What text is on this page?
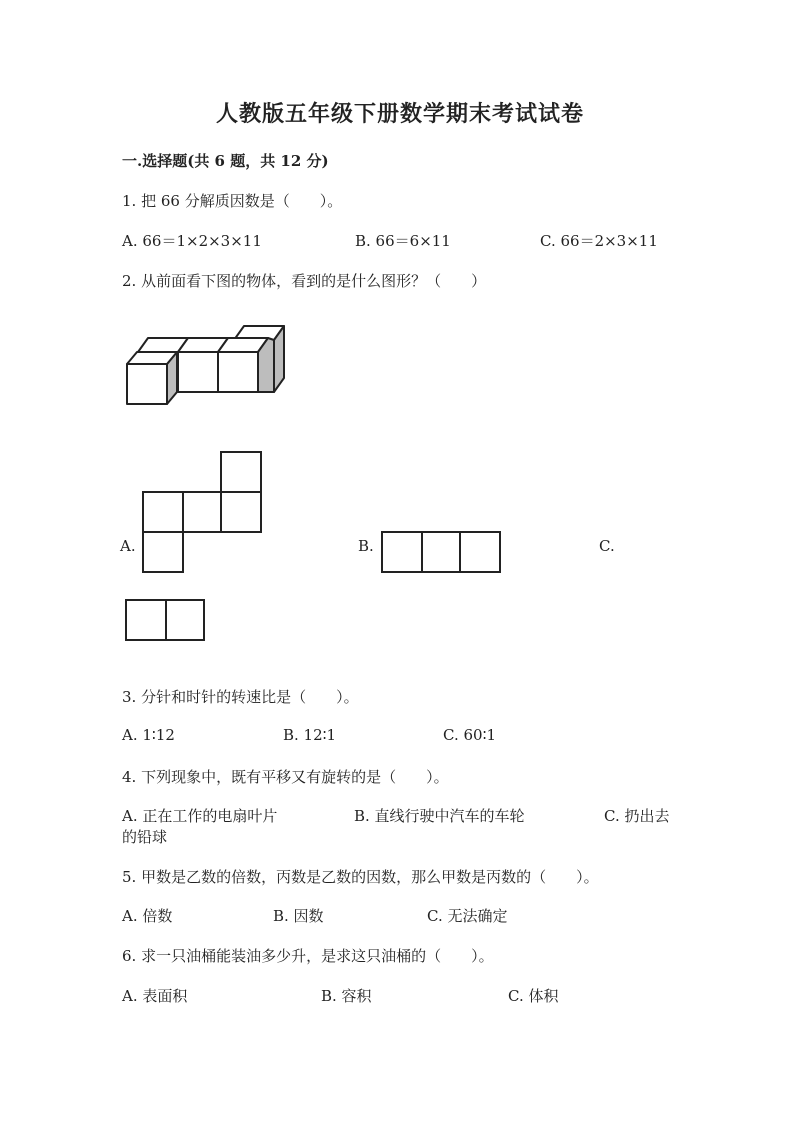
人教版五年级下册数学期末考试试卷
一.选择题(共 6 题，共 12 分)
1. 把 66 分解质因数是（　　）。
A. 66＝1×2×3×11	B. 66＝6×11	C. 66＝2×3×11
2. 从前面看下图的物体，看到的是什么图形？（　　）
A.	B.	C.
3. 分针和时针的转速比是（　　）。
A. 1∶12	B. 12∶1	C. 60∶1
4. 下列现象中，既有平移又有旋转的是（　　）。
A. 正在工作的电扇叶片	B. 直线行驶中汽车的车轮	C. 扔出去
的铅球
5. 甲数是乙数的倍数，丙数是乙数的因数，那么甲数是丙数的（　　）。
A. 倍数	B. 因数	C. 无法确定
6. 求一只油桶能装油多少升，是求这只油桶的（　　）。
A. 表面积	B. 容积	C. 体积
